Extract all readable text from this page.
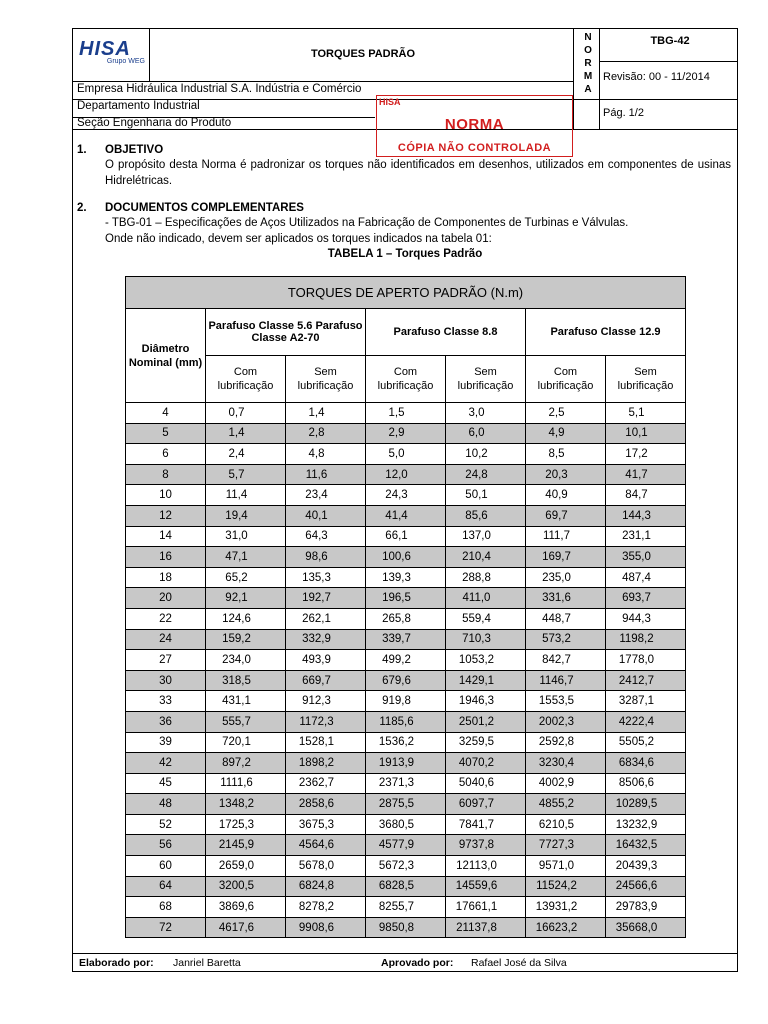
HISA
Grupo WEG
TORQUES PADRÃO
N
O
R
M
A
TBG-42
Revisão: 00 - 11/2014
Pág. 1/2
Empresa Hidráulica Industrial S.A. Indústria e Comércio
Departamento Industrial
Seção Engenharia do Produto
HISA
NORMA
CÓPIA NÃO CONTROLADA
1. OBJETIVO
O propósito desta Norma é padronizar os torques não identificados em desenhos, utilizados em componentes de usinas Hidrelétricas.
2. DOCUMENTOS COMPLEMENTARES
- TBG-01 – Especificações de Aços Utilizados na Fabricação de Componentes de Turbinas e Válvulas.
Onde não indicado, devem ser aplicados os torques indicados na tabela 01:
TABELA 1 – Torques Padrão
TORQUES DE APERTO PADRÃO (N.m)						
Diâmetro Nominal (mm)	Parafuso Classe 5.6 Parafuso Classe A2-70		Parafuso Classe 8.8		Parafuso Classe 12.9	
	Com lubrificação	Sem lubrificação	Com lubrificação	Sem lubrificação	Com lubrificação	Sem lubrificação
4	0,7	1,4	1,5	3,0	2,5	5,1
5	1,4	2,8	2,9	6,0	4,9	10,1
6	2,4	4,8	5,0	10,2	8,5	17,2
8	5,7	11,6	12,0	24,8	20,3	41,7
10	11,4	23,4	24,3	50,1	40,9	84,7
12	19,4	40,1	41,4	85,6	69,7	144,3
14	31,0	64,3	66,1	137,0	111,7	231,1
16	47,1	98,6	100,6	210,4	169,7	355,0
18	65,2	135,3	139,3	288,8	235,0	487,4
20	92,1	192,7	196,5	411,0	331,6	693,7
22	124,6	262,1	265,8	559,4	448,7	944,3
24	159,2	332,9	339,7	710,3	573,2	1198,2
27	234,0	493,9	499,2	1053,2	842,7	1778,0
30	318,5	669,7	679,6	1429,1	1146,7	2412,7
33	431,1	912,3	919,8	1946,3	1553,5	3287,1
36	555,7	1172,3	1185,6	2501,2	2002,3	4222,4
39	720,1	1528,1	1536,2	3259,5	2592,8	5505,2
42	897,2	1898,2	1913,9	4070,2	3230,4	6834,6
45	1111,6	2362,7	2371,3	5040,6	4002,9	8506,6
48	1348,2	2858,6	2875,5	6097,7	4855,2	10289,5
52	1725,3	3675,3	3680,5	7841,7	6210,5	13232,9
56	2145,9	4564,6	4577,9	9737,8	7727,3	16432,5
60	2659,0	5678,0	5672,3	12113,0	9571,0	20439,3
64	3200,5	6824,8	6828,5	14559,6	11524,2	24566,6
68	3869,6	8278,2	8255,7	17661,1	13931,2	29783,9
72	4617,6	9908,6	9850,8	21137,8	16623,2	35668,0
Elaborado por: Janriel Baretta	Aprovado por: Rafael José da Silva
